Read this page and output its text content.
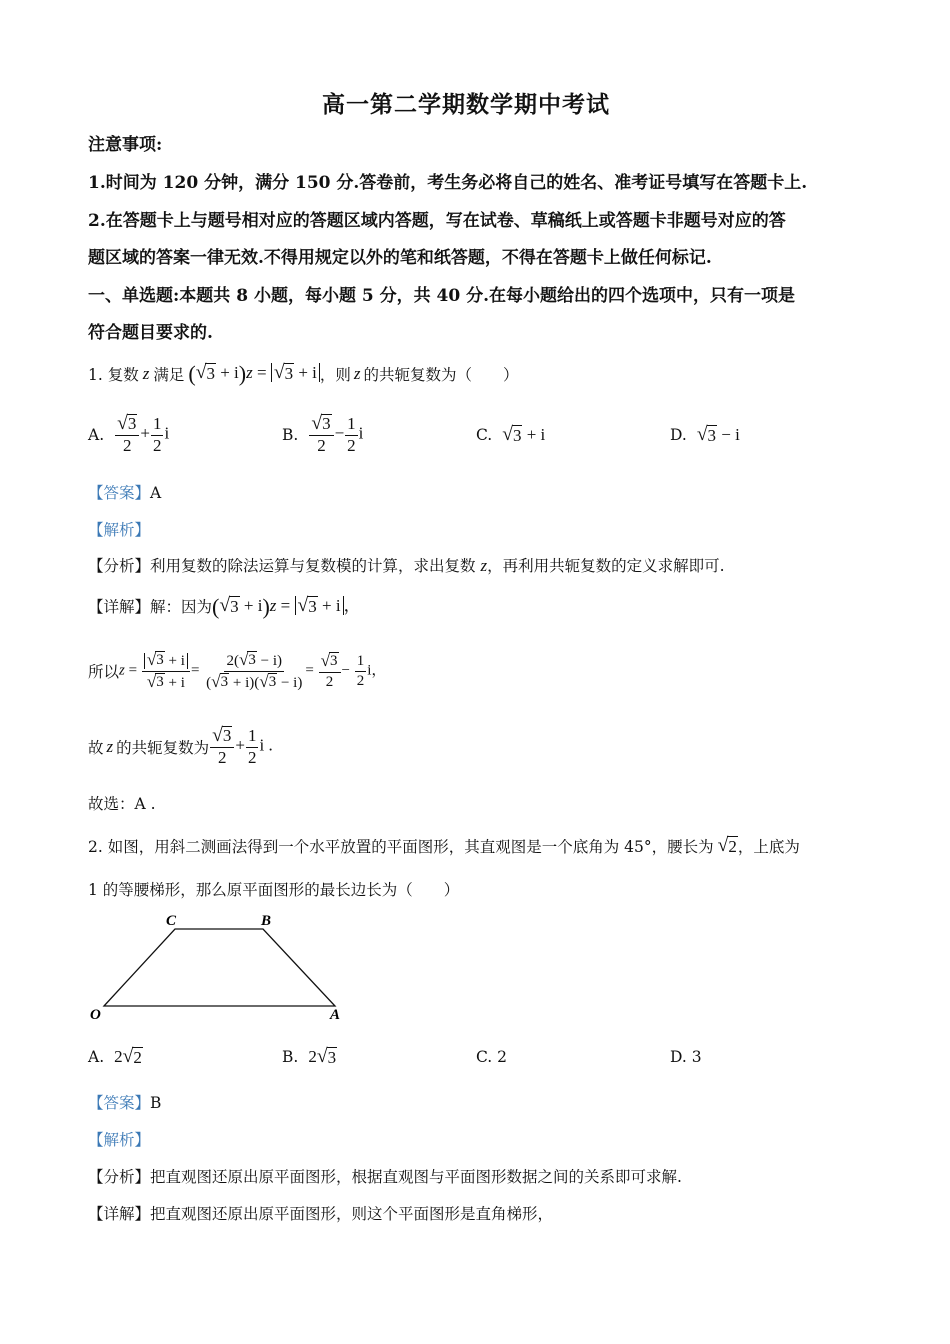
高一第二学期数学期中考试
注意事项:
1.时间为 120 分钟，满分 150 分.答卷前，考生务必将自己的姓名、准考证号填写在答题卡上.
2.在答题卡上与题号相对应的答题区域内答题，写在试卷、草稿纸上或答题卡非题号对应的答
题区域的答案一律无效.不得用规定以外的笔和纸答题，不得在答题卡上做任何标记.
一、单选题:本题共 8 小题，每小题 5 分，共 40 分.在每小题给出的四个选项中，只有一项是
符合题目要求的.
1. 复数 z 满足 ( √ 3 + i)z = √ 3 + i ，则 z 的共轭复数为（　　）
A. $\frac{√ 3}{2} + \frac{1}{2}$ i	B. $\frac{√ 3}{2} - \frac{1}{2}$ i	C. √ 3 + i	D. √ 3 − i
【答案】A
【解析】
【分析】利用复数的除法运算与复数模的计算，求出复数 z，再利用共轭复数的定义求解即可.
【详解】 解：因为 ( √ 3 + i)z = √ 3 + i ，
所以 $z = \frac{√ 3 + i}{√ 3 + i} = \frac{2( √ 3 - i)}{( √ 3 + i)( √ 3 - i)} = \frac{√ 3}{2} - \frac{1}{2}$ i，
故 z 的共轭复数为 $\frac{√ 3}{2} + \frac{1}{2}$ i .
故选：A .
2. 如图，用斜二测画法得到一个水平放置的平面图形，其直观图是一个底角为 45°，腰长为 √ 2 ，上底为
1 的等腰梯形，那么原平面图形的最长边长为（　　）
C	B
O	A
A. 2 √ 2	B. 2 √ 3	C. 2	D. 3
【答案】B
【解析】
【分析】把直观图还原出原平面图形，根据直观图与平面图形数据之间的关系即可求解.
【详解】把直观图还原出原平面图形，则这个平面图形是直角梯形，
